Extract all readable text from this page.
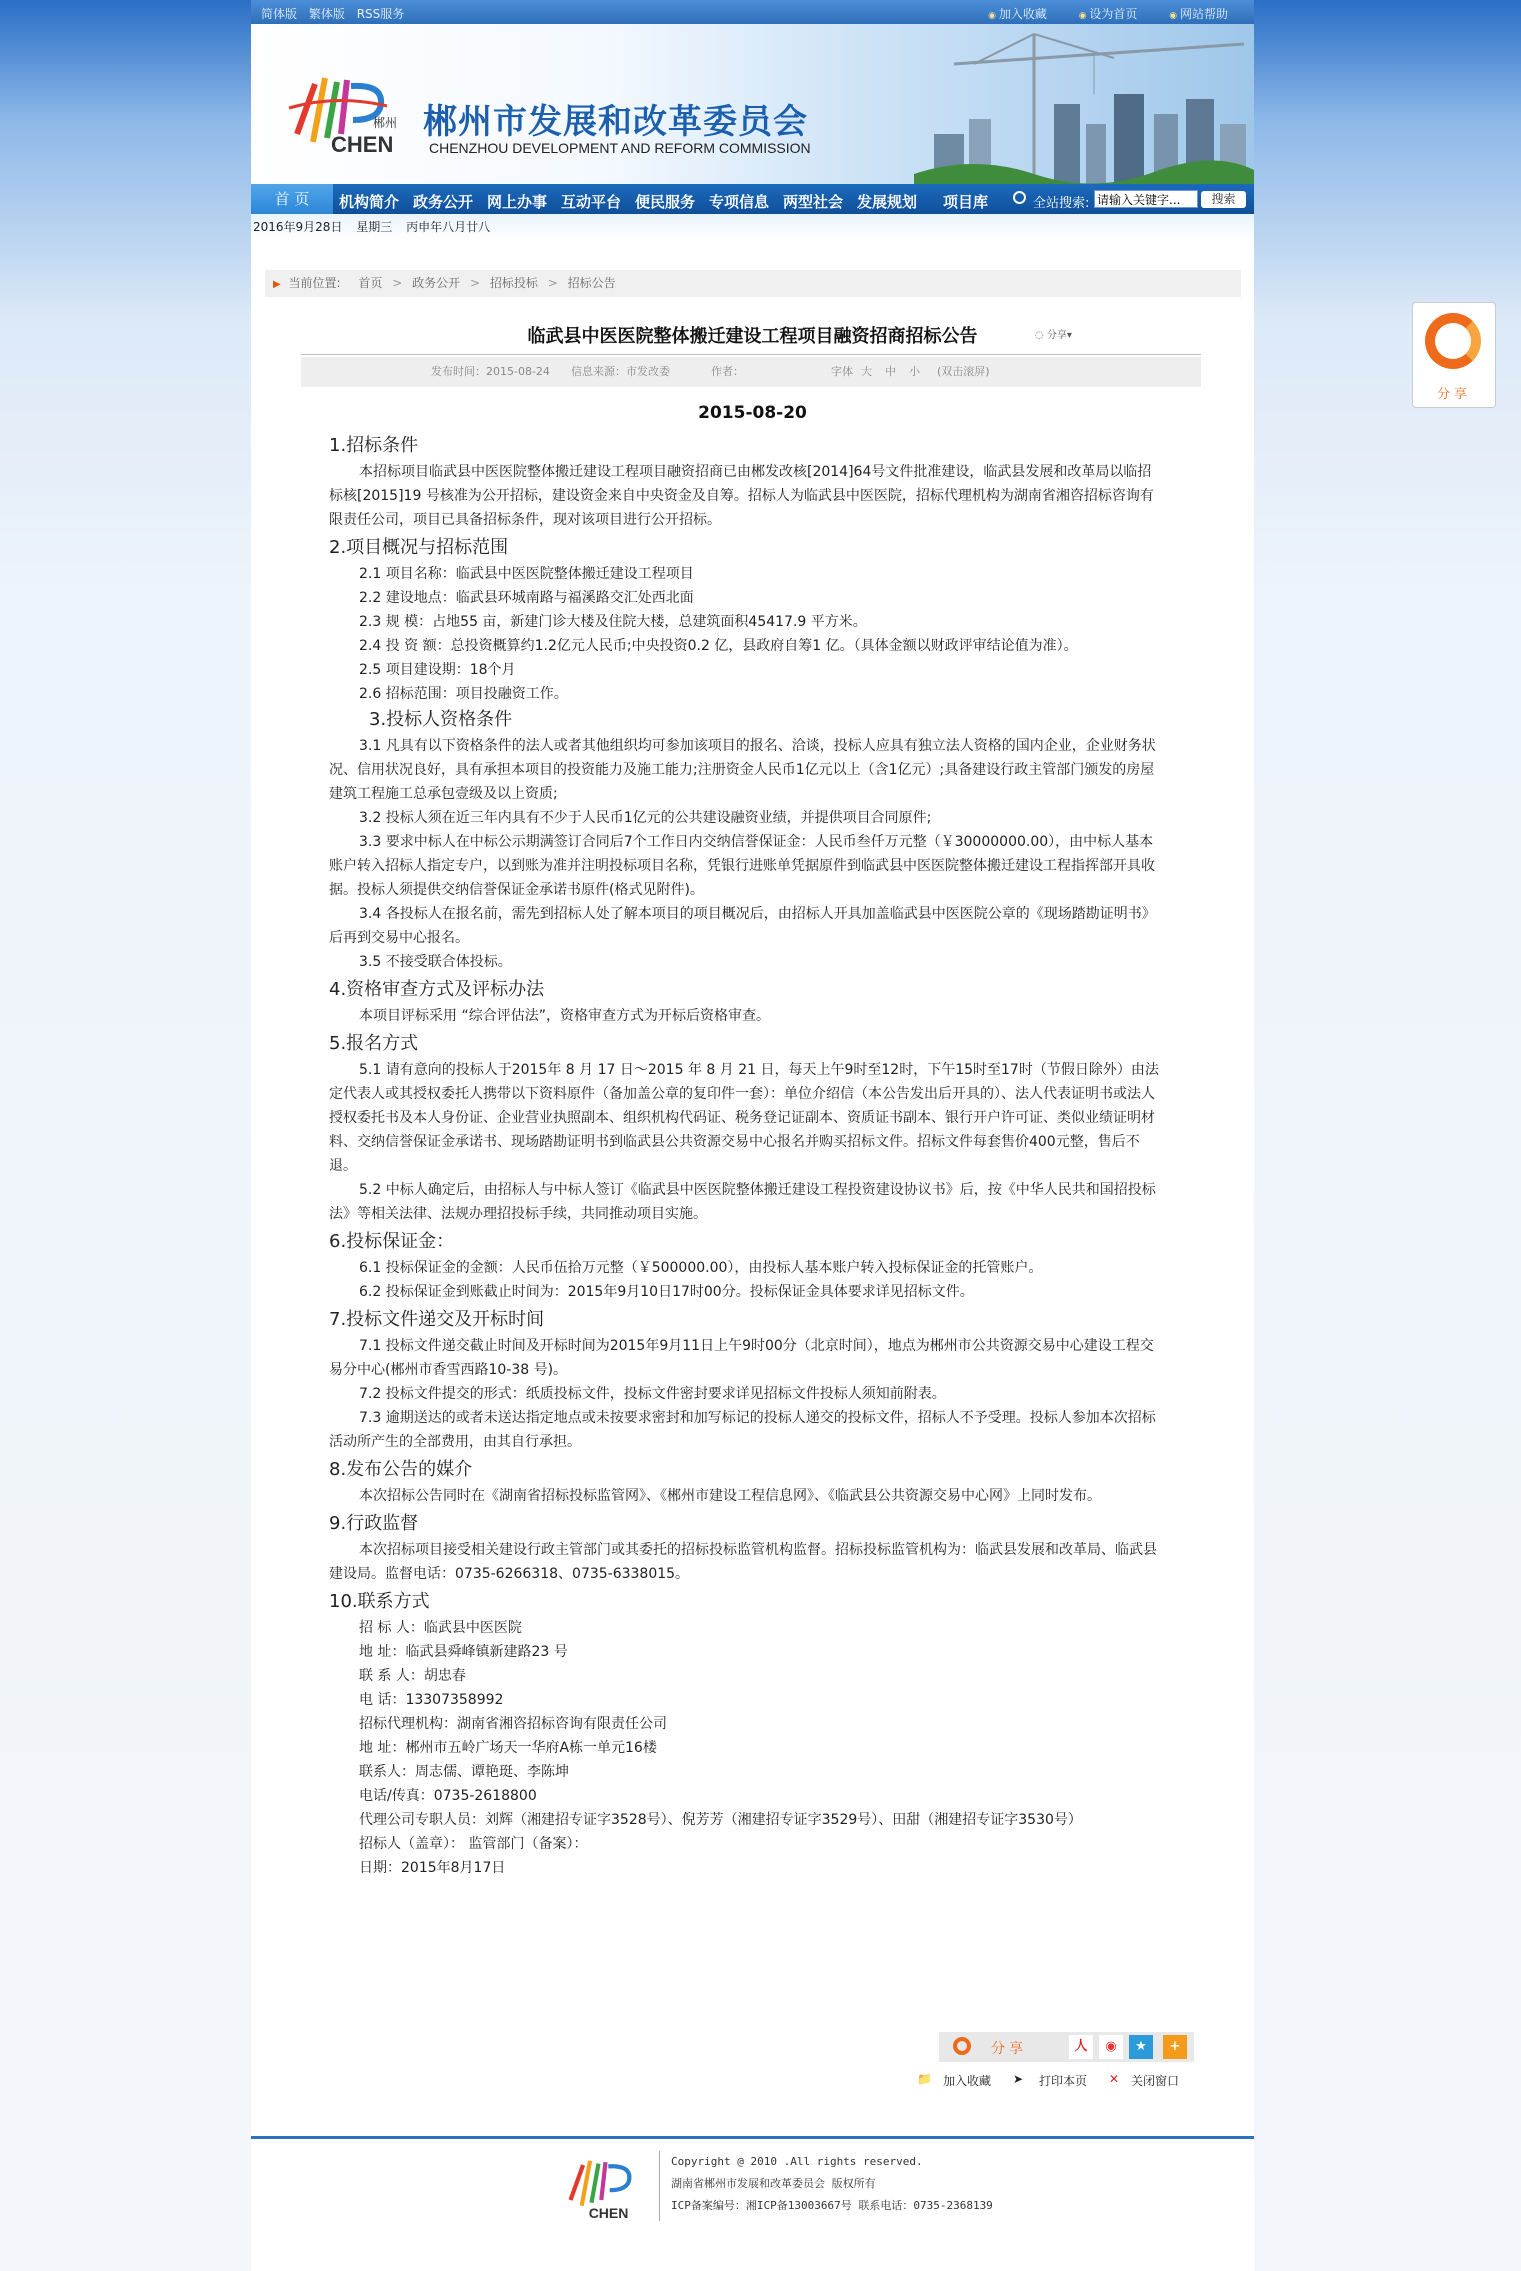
简体版 繁体版 RSS服务	◉ 加入收藏	◉ 设为首页	◉ 网站帮助
郴州
CHEN
郴州市发展和改革委员会
CHENZHOU DEVELOPMENT AND REFORM COMMISSION
首 页	机构简介 政务公开 网上办事 互动平台 便民服务 专项信息 两型社会 发展规划 项目库	全站搜索:
请输入关键字...	搜索
2016年9月28日 星期三 丙申年八月廿八
▶ 当前位置: 首页 > 政务公开 > 招标投标 > 招标公告
临武县中医医院整体搬迁建设工程项目融资招商招标公告	◌ 分享▾
发布时间：2015-08-24 信息来源：市发改委	作者：	字体 大 中 小 (双击滚屏)
2015-08-20
1.招标条件
本招标项目临武县中医医院整体搬迁建设工程项目融资招商已由郴发改核[2014]64号文件批准建设，临武县发展和改革局以临招标核[2015]19 号核准为公开招标，建设资金来自中央资金及自筹。招标人为临武县中医医院，招标代理机构为湖南省湘咨招标咨询有限责任公司，项目已具备招标条件，现对该项目进行公开招标。
2.项目概况与招标范围
2.1 项目名称：临武县中医医院整体搬迁建设工程项目
2.2 建设地点：临武县环城南路与福溪路交汇处西北面
2.3 规 模：占地55 亩，新建门诊大楼及住院大楼，总建筑面积45417.9 平方米。
2.4 投 资 额：总投资概算约1.2亿元人民币;中央投资0.2 亿，县政府自筹1 亿。（具体金额以财政评审结论值为准）。
2.5 项目建设期：18个月
2.6 招标范围：项目投融资工作。
3.投标人资格条件
3.1 凡具有以下资格条件的法人或者其他组织均可参加该项目的报名、洽谈，投标人应具有独立法人资格的国内企业，企业财务状况、信用状况良好，具有承担本项目的投资能力及施工能力;注册资金人民币1亿元以上（含1亿元）;具备建设行政主管部门颁发的房屋建筑工程施工总承包壹级及以上资质;
3.2 投标人须在近三年内具有不少于人民币1亿元的公共建设融资业绩，并提供项目合同原件;
3.3 要求中标人在中标公示期满签订合同后7个工作日内交纳信誉保证金：人民币叁仟万元整（￥30000000.00），由中标人基本账户转入招标人指定专户，以到账为准并注明投标项目名称，凭银行进账单凭据原件到临武县中医医院整体搬迁建设工程指挥部开具收据。投标人须提供交纳信誉保证金承诺书原件(格式见附件)。
3.4 各投标人在报名前，需先到招标人处了解本项目的项目概况后，由招标人开具加盖临武县中医医院公章的《现场踏勘证明书》后再到交易中心报名。
3.5 不接受联合体投标。
4.资格审查方式及评标办法
本项目评标采用 “综合评估法”，资格审查方式为开标后资格审查。
5.报名方式
5.1 请有意向的投标人于2015年 8 月 17 日～2015 年 8 月 21 日，每天上午9时至12时，下午15时至17时（节假日除外）由法定代表人或其授权委托人携带以下资料原件（备加盖公章的复印件一套）：单位介绍信（本公告发出后开具的）、法人代表证明书或法人授权委托书及本人身份证、企业营业执照副本、组织机构代码证、税务登记证副本、资质证书副本、银行开户许可证、类似业绩证明材料、交纳信誉保证金承诺书、现场踏勘证明书到临武县公共资源交易中心报名并购买招标文件。招标文件每套售价400元整，售后不退。
5.2 中标人确定后，由招标人与中标人签订《临武县中医医院整体搬迁建设工程投资建设协议书》后，按《中华人民共和国招投标法》等相关法律、法规办理招投标手续，共同推动项目实施。
6.投标保证金：
6.1 投标保证金的金额：人民币伍拾万元整（￥500000.00），由投标人基本账户转入投标保证金的托管账户。
6.2 投标保证金到账截止时间为：2015年9月10日17时00分。投标保证金具体要求详见招标文件。
7.投标文件递交及开标时间
7.1 投标文件递交截止时间及开标时间为2015年9月11日上午9时00分（北京时间），地点为郴州市公共资源交易中心建设工程交易分中心(郴州市香雪西路10-38 号)。
7.2 投标文件提交的形式：纸质投标文件，投标文件密封要求详见招标文件投标人须知前附表。
7.3 逾期送达的或者未送达指定地点或未按要求密封和加写标记的投标人递交的投标文件，招标人不予受理。投标人参加本次招标活动所产生的全部费用，由其自行承担。
8.发布公告的媒介
本次招标公告同时在《湖南省招标投标监管网》、《郴州市建设工程信息网》、《临武县公共资源交易中心网》上同时发布。
9.行政监督
本次招标项目接受相关建设行政主管部门或其委托的招标投标监管机构监督。招标投标监管机构为：临武县发展和改革局、临武县建设局。监督电话：0735-6266318、0735-6338015。
10.联系方式
招 标 人：临武县中医医院
地 址：临武县舜峰镇新建路23 号
联 系 人：胡忠春
电 话：13307358992
招标代理机构：湖南省湘咨招标咨询有限责任公司
地 址：郴州市五岭广场天一华府A栋一单元16楼
联系人：周志儒、谭艳珽、李陈坤
电话/传真：0735-2618800
代理公司专职人员：刘辉（湘建招专证字3528号）、倪芳芳（湘建招专证字3529号）、田甜（湘建招专证字3530号）
招标人（盖章）： 监管部门（备案）：
日期：2015年8月17日
分享	人	◉	★	+
📁 加入收藏 ➤ 打印本页 ✕ 关闭窗口
CHEN
Copyright @ 2010 .All rights reserved.
湖南省郴州市发展和改革委员会 版权所有
ICP备案编号：湘ICP备13003667号 联系电话：0735-2368139
分享
